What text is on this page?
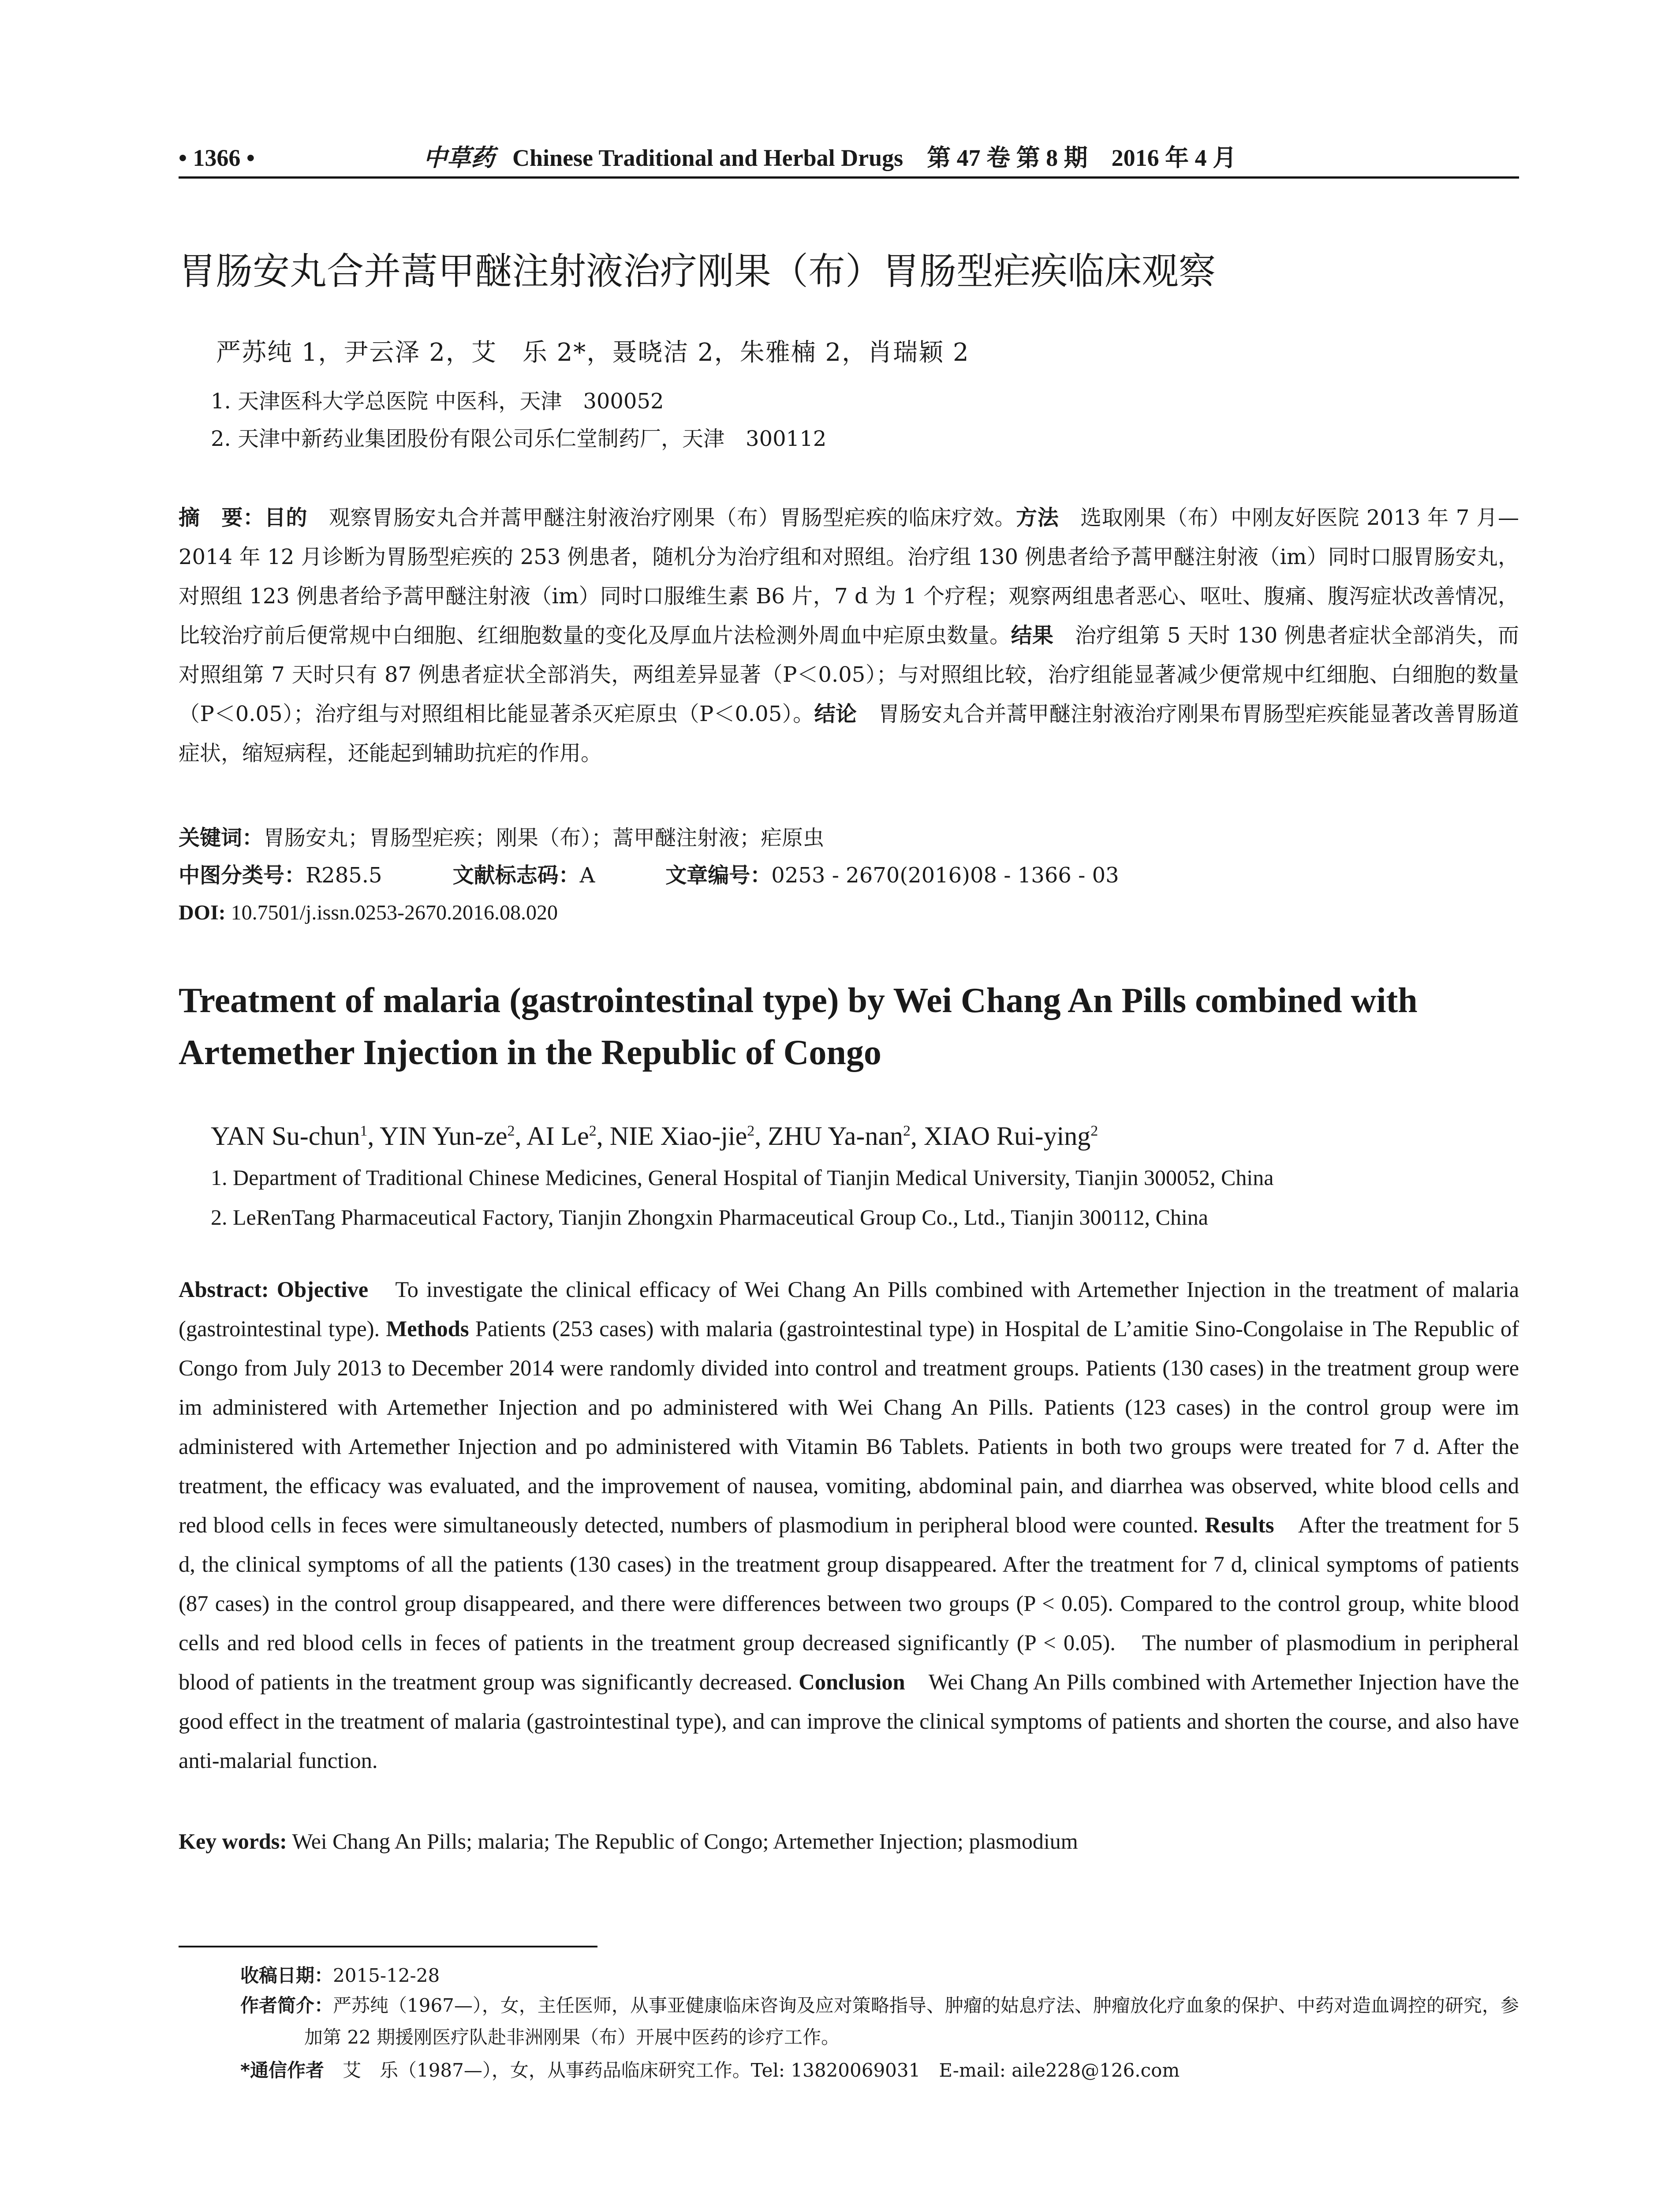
• 1366 •	中草药 Chinese Traditional and Herbal Drugs　第 47 卷 第 8 期　2016 年 4 月
胃肠安丸合并蒿甲醚注射液治疗刚果（布）胃肠型疟疾临床观察
严苏纯 1，尹云泽 2，艾　乐 2*，聂晓洁 2，朱雅楠 2，肖瑞颖 2
1. 天津医科大学总医院 中医科，天津　300052
2. 天津中新药业集团股份有限公司乐仁堂制药厂，天津　300112
摘　要：目的　观察胃肠安丸合并蒿甲醚注射液治疗刚果（布）胃肠型疟疾的临床疗效。方法　选取刚果（布）中刚友好医院 2013 年 7 月—2014 年 12 月诊断为胃肠型疟疾的 253 例患者，随机分为治疗组和对照组。治疗组 130 例患者给予蒿甲醚注射液（im）同时口服胃肠安丸，对照组 123 例患者给予蒿甲醚注射液（im）同时口服维生素 B6 片，7 d 为 1 个疗程；观察两组患者恶心、呕吐、腹痛、腹泻症状改善情况，比较治疗前后便常规中白细胞、红细胞数量的变化及厚血片法检测外周血中疟原虫数量。结果　治疗组第 5 天时 130 例患者症状全部消失，而对照组第 7 天时只有 87 例患者症状全部消失，两组差异显著（P＜0.05）；与对照组比较，治疗组能显著减少便常规中红细胞、白细胞的数量（P＜0.05）；治疗组与对照组相比能显著杀灭疟原虫（P＜0.05）。结论　胃肠安丸合并蒿甲醚注射液治疗刚果布胃肠型疟疾能显著改善胃肠道症状，缩短病程，还能起到辅助抗疟的作用。
关键词：胃肠安丸；胃肠型疟疾；刚果（布）；蒿甲醚注射液；疟原虫
中图分类号：R285.5	文献标志码：A	文章编号：0253 - 2670(2016)08 - 1366 - 03
DOI: 10.7501/j.issn.0253-2670.2016.08.020
Treatment of malaria (gastrointestinal type) by Wei Chang An Pills combined with Artemether Injection in the Republic of Congo
YAN Su-chun$^1$, YIN Yun-$ze^2$, AI Le$^2$, NIE Xiao-jie$^2$, ZHU Ya-nan$^2$, XIAO Rui-ying$^2$
1. Department of Traditional Chinese Medicines, General Hospital of Tianjin Medical University, Tianjin 300052, China
2. LeRenTang Pharmaceutical Factory, Tianjin Zhongxin Pharmaceutical Group Co., Ltd., Tianjin 300112, China
Abstract: Objective　To investigate the clinical efficacy of Wei Chang An Pills combined with Artemether Injection in the treatment of malaria (gastrointestinal type). Methods Patients (253 cases) with malaria (gastrointestinal type) in Hospital de L’amitie Sino-Congolaise in The Republic of Congo from July 2013 to December 2014 were randomly divided into control and treatment groups. Patients (130 cases) in the treatment group were im administered with Artemether Injection and po administered with Wei Chang An Pills. Patients (123 cases) in the control group were im administered with Artemether Injection and po administered with Vitamin B6 Tablets. Patients in both two groups were treated for 7 d. After the treatment, the efficacy was evaluated, and the improvement of nausea, vomiting, abdominal pain, and diarrhea was observed, white blood cells and red blood cells in feces were simultaneously detected, numbers of plasmodium in peripheral blood were counted. Results　After the treatment for 5 d, the clinical symptoms of all the patients (130 cases) in the treatment group disappeared. After the treatment for 7 d, clinical symptoms of patients (87 cases) in the control group disappeared, and there were differences between two groups (P < 0.05). Compared to the control group, white blood cells and red blood cells in feces of patients in the treatment group decreased significantly (P < 0.05).　The number of plasmodium in peripheral blood of patients in the treatment group was significantly decreased. Conclusion　Wei Chang An Pills combined with Artemether Injection have the good effect in the treatment of malaria (gastrointestinal type), and can improve the clinical symptoms of patients and shorten the course, and also have anti-malarial function.
Key words: Wei Chang An Pills; malaria; The Republic of Congo; Artemether Injection; plasmodium
收稿日期：2015-12-28
作者简介：严苏纯（1967—），女，主任医师，从事亚健康临床咨询及应对策略指导、肿瘤的姑息疗法、肿瘤放化疗血象的保护、中药对造血调控的研究，参加第 22 期援刚医疗队赴非洲刚果（布）开展中医药的诊疗工作。
*通信作者　艾　乐（1987—），女，从事药品临床研究工作。Tel: 13820069031　E-mail: aile228@126.com
